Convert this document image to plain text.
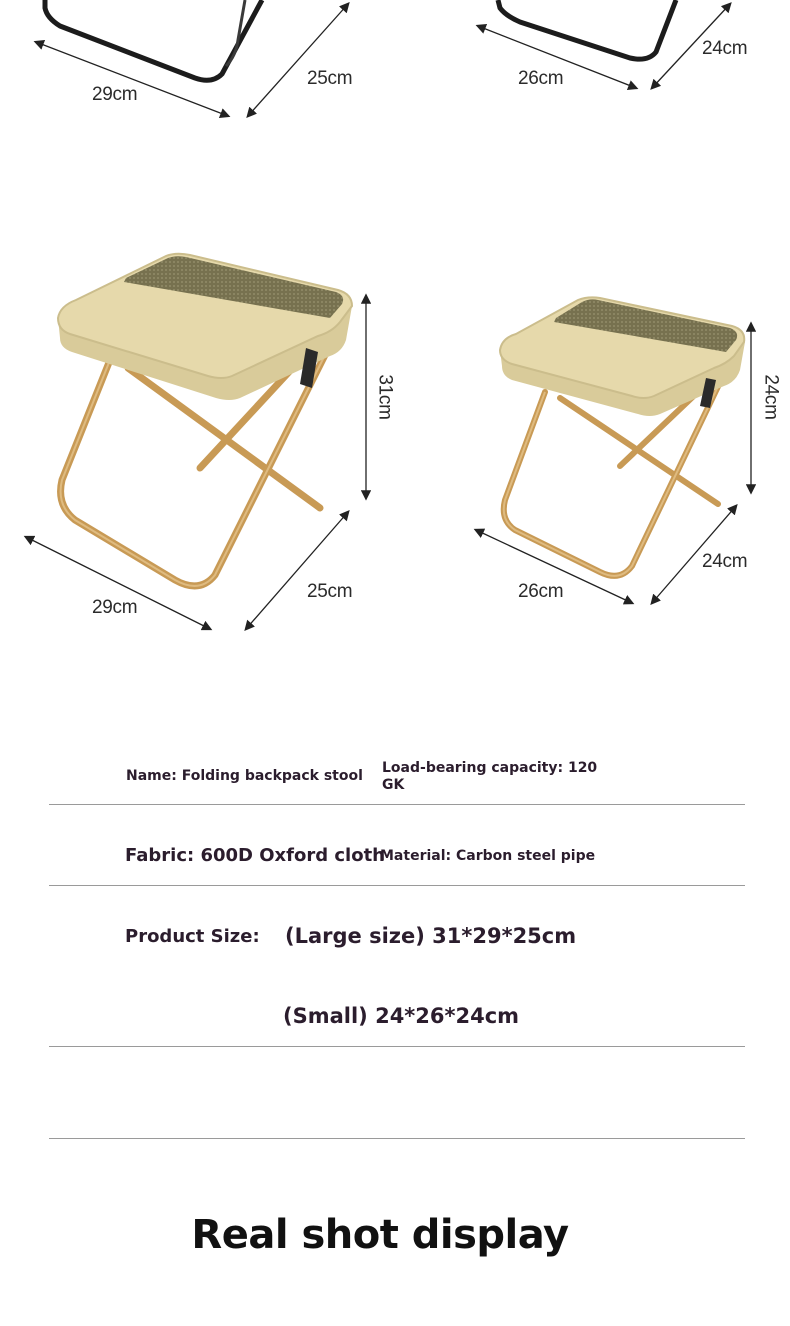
29cm
25cm	26cm
24cm
31cm
29cm
25cm
24cm
26cm
24cm
Name: Folding backpack stool Load-bearing capacity: 120
GK
Fabric: 600D Oxford cloth
Material: Carbon steel pipe
Product Size: (Large size) 31*29*25cm
(Small) 24*26*24cm
Real shot display
